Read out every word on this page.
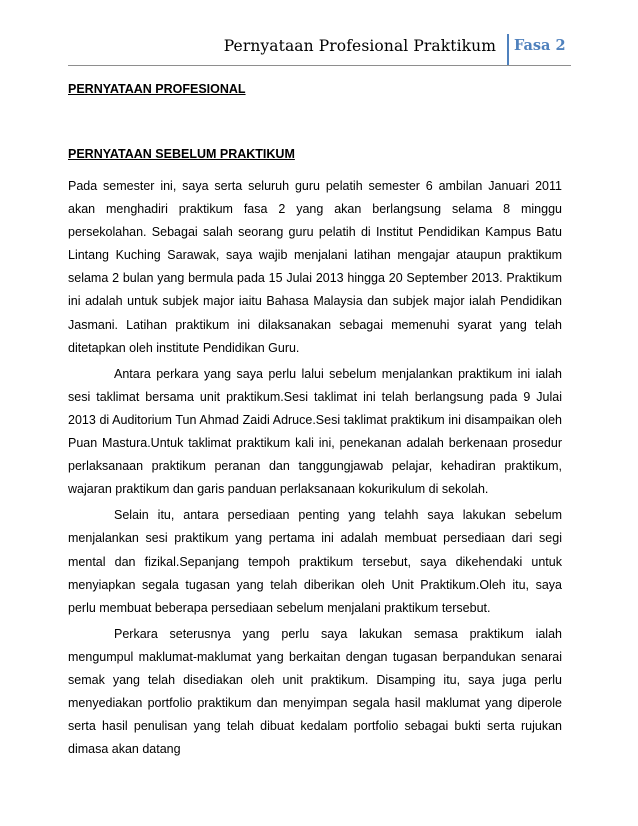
Pernyataan Profesional Praktikum Fasa 2
PERNYATAAN PROFESIONAL
PERNYATAAN SEBELUM PRAKTIKUM

Pada semester ini, saya serta seluruh guru pelatih semester 6 ambilan Januari 2011 akan menghadiri praktikum fasa 2 yang akan berlangsung selama 8 minggu persekolahan. Sebagai salah seorang guru pelatih di Institut Pendidikan Kampus Batu Lintang Kuching Sarawak, saya wajib menjalani latihan mengajar ataupun praktikum selama 2 bulan yang bermula pada 15 Julai 2013 hingga 20 September 2013. Praktikum ini adalah untuk subjek major iaitu Bahasa Malaysia dan subjek major ialah Pendidikan Jasmani. Latihan praktikum ini dilaksanakan sebagai memenuhi syarat yang telah ditetapkan oleh institute Pendidikan Guru.

Antara perkara yang saya perlu lalui sebelum menjalankan praktikum ini ialah sesi taklimat bersama unit praktikum.Sesi taklimat ini telah berlangsung pada 9 Julai 2013 di Auditorium Tun Ahmad Zaidi Adruce.Sesi taklimat praktikum ini disampaikan oleh Puan Mastura.Untuk taklimat praktikum kali ini, penekanan adalah berkenaan prosedur perlaksanaan praktikum peranan dan tanggungjawab pelajar, kehadiran praktikum, wajaran praktikum dan garis panduan perlaksanaan kokurikulum di sekolah.

Selain itu, antara persediaan penting yang telahh saya lakukan sebelum menjalankan sesi praktikum yang pertama ini adalah membuat persediaan dari segi mental dan fizikal.Sepanjang tempoh praktikum tersebut, saya dikehendaki untuk menyiapkan segala tugasan yang telah diberikan oleh Unit Praktikum.Oleh itu, saya perlu membuat beberapa persediaan sebelum menjalani praktikum tersebut.

Perkara seterusnya yang perlu saya lakukan semasa praktikum ialah mengumpul maklumat-maklumat yang berkaitan dengan tugasan berpandukan senarai semak yang telah disediakan oleh unit praktikum. Disamping itu, saya juga perlu menyediakan portfolio praktikum dan menyimpan segala hasil maklumat yang diperole serta hasil penulisan yang telah dibuat kedalam portfolio sebagai bukti serta rujukan dimasa akan datang
